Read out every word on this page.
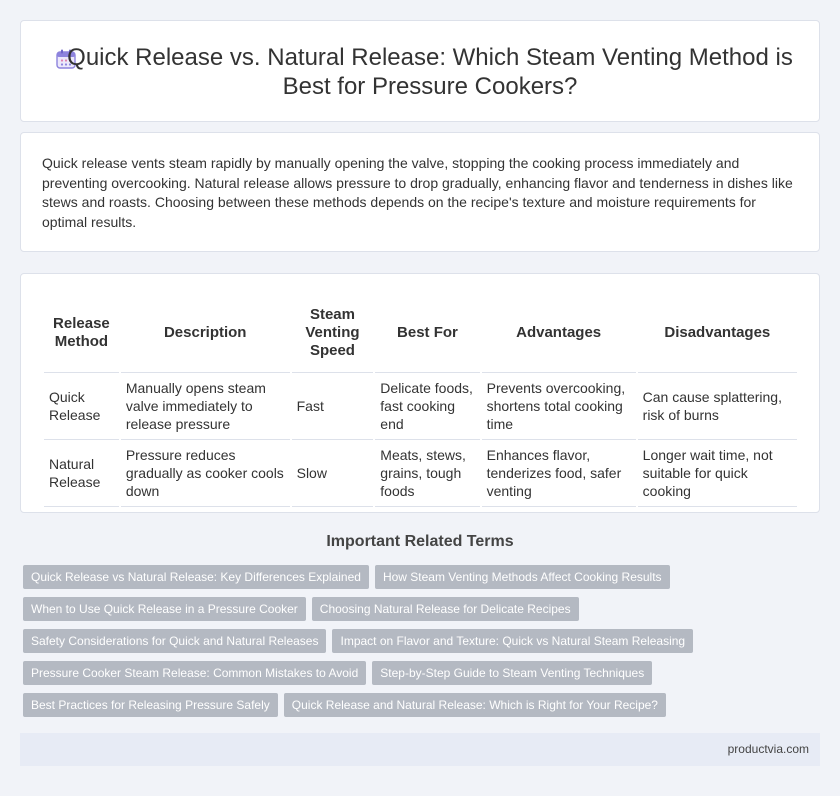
Quick Release vs. Natural Release: Which Steam Venting Method is Best for Pressure Cookers?

Quick release vents steam rapidly by manually opening the valve, stopping the cooking process immediately and preventing overcooking. Natural release allows pressure to drop gradually, enhancing flavor and tenderness in dishes like stews and roasts. Choosing between these methods depends on the recipe's texture and moisture requirements for optimal results.

Release Method	Description	Steam Venting Speed	Best For	Advantages	Disadvantages
Quick Release	Manually opens steam valve immediately to release pressure	Fast	Delicate foods, fast cooking end	Prevents overcooking, shortens total cooking time	Can cause splattering, risk of burns
Natural Release	Pressure reduces gradually as cooker cools down	Slow	Meats, stews, grains, tough foods	Enhances flavor, tenderizes food, safer venting	Longer wait time, not suitable for quick cooking
Important Related Terms
Quick Release vs Natural Release: Key Differences Explained How Steam Venting Methods Affect Cooking Results
When to Use Quick Release in a Pressure Cooker Choosing Natural Release for Delicate Recipes
Safety Considerations for Quick and Natural Releases Impact on Flavor and Texture: Quick vs Natural Steam Releasing
Pressure Cooker Steam Release: Common Mistakes to Avoid Step-by-Step Guide to Steam Venting Techniques
Best Practices for Releasing Pressure Safely Quick Release and Natural Release: Which is Right for Your Recipe?
productvia.com
